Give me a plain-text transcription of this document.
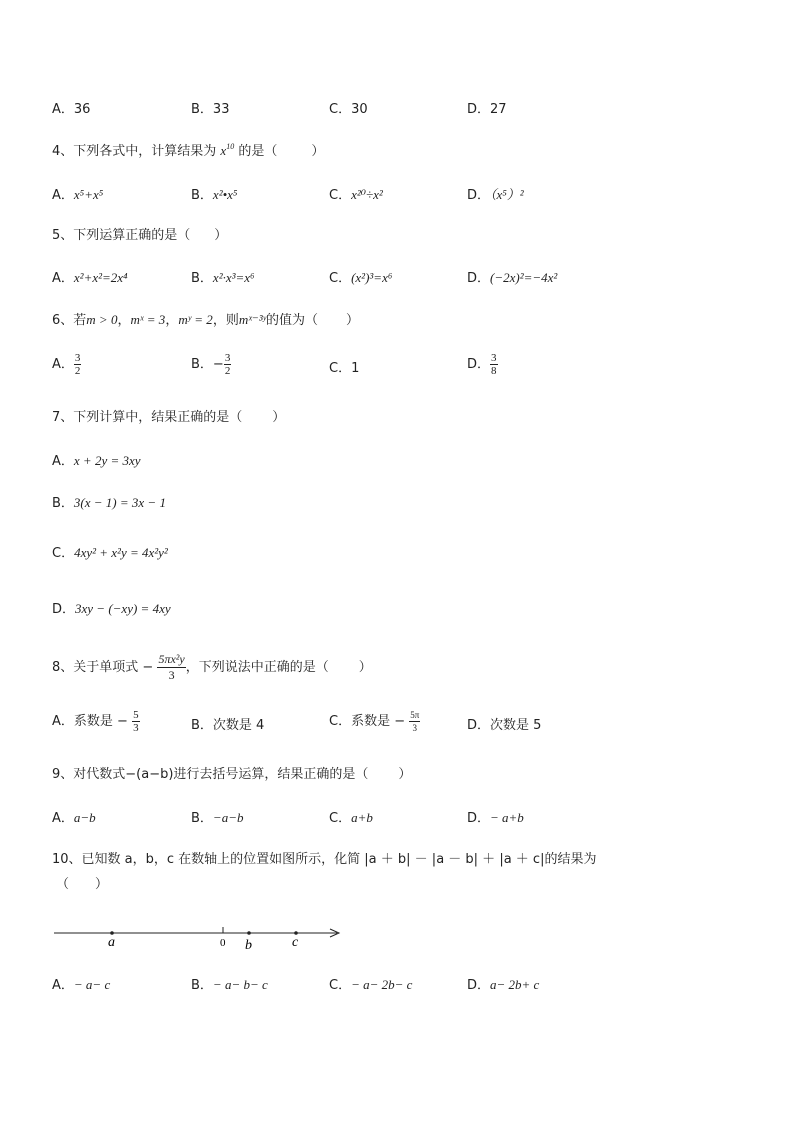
A．36	B．33	C．30	D．27
4、下列各式中，计算结果为 $x^{10}$ 的是（	）
A．x⁵+x⁵	B．x²•x⁵	C．x²⁰÷x²	D．（x⁵）²
5、下列运算正确的是（ ）
A．x²+x²=2x⁴	B．x²·x³=x⁶	C．(x²)³=x⁶	D．(−2x)²=−4x²
6、若m > 0，mˣ = 3，mʸ = 2，则mˣ⁻³ʸ的值为（ ）
A． $\frac{3}{2}$	B．− $\frac{3}{2}$	C．1	D． $\frac{3}{8}$
7、下列计算中，结果正确的是（ ）
A．x + 2y = 3xy
B．3(x − 1) = 3x − 1
C．4xy² + x²y = 4x²y²
D．3xy − (−xy) = 4xy
8、关于单项式 − $\frac{\text{5πx²y}}{3}$ ，下列说法中正确的是（ ）
A．系数是 − $\frac{5}{3}$	B．次数是 4	C．系数是 − $\frac{5\pi}{3}$	D．次数是 5
9、对代数式−(a−b)进行去括号运算，结果正确的是（ ）
A．a−b	B．−a−b	C．a+b	D．− a+b
10、已知数 a，b，c 在数轴上的位置如图所示，化简 |a ＋ b| － |a － b| ＋ |a ＋ c|的结果为
（　　）
a	0 b	c
A．− a− c	B．− a− b− c	C．− a− 2b− c	D．a− 2b+ c
